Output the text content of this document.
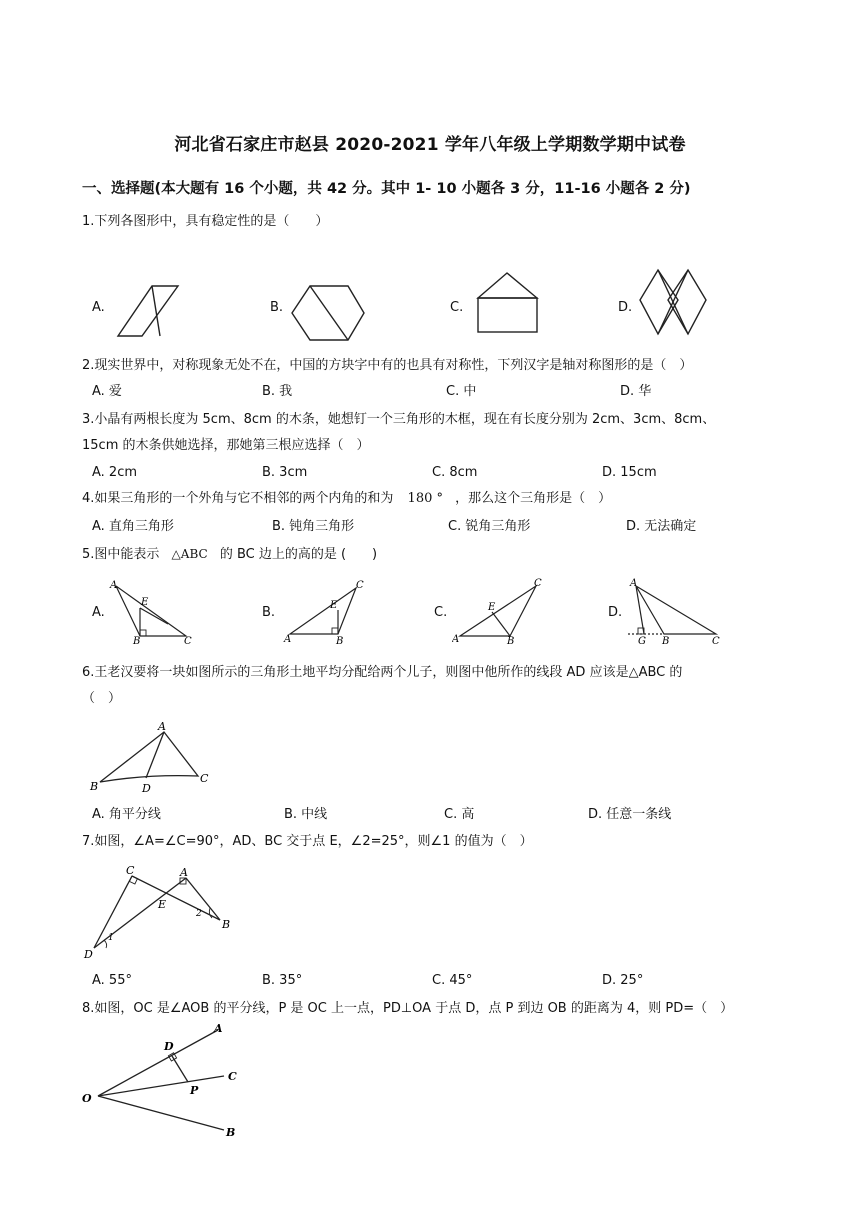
河北省石家庄市赵县 2020-2021 学年八年级上学期数学期中试卷
一、选择题(本大题有 16 个小题，共 42 分。其中 1- 10 小题各 3 分，11-16 小题各 2 分)
1.下列各图形中，具有稳定性的是（　　）
A.	B.	C.	D.
2.现实世界中，对称现象无处不在，中国的方块字中有的也具有对称性，下列汉字是轴对称图形的是（　）
A. 爱	B. 我	C. 中	D. 华
3.小晶有两根长度为 5cm、8cm 的木条，她想钉一个三角形的木框，现在有长度分别为 2cm、3cm、8cm、
15cm 的木条供她选择，那她第三根应选择（　）
A. 2cm	B. 3cm	C. 8cm	D. 15cm
4.如果三角形的一个外角与它不相邻的两个内角的和为 180 ° ，那么这个三角形是（　）
A. 直角三角形	B. 钝角三角形	C. 锐角三角形	D. 无法确定
5.图中能表示 △ABC 的 BC 边上的高的是 (　　)
A.	B.	C.	D.
A
E
B	C	A
E
B
C
A
E
B
C	A
G B	C
6.王老汉要将一块如图所示的三角形土地平均分配给两个儿子，则图中他所作的线段 AD 应该是△ABC 的
（　）
A
B	D
C
A. 角平分线	B. 中线	C. 高	D. 任意一条线
7.如图，∠A=∠C=90°，AD、BC 交于点 E，∠2=25°，则∠1 的值为（　）
C	A
E
B
D
1
2
A. 55°	B. 35°	C. 45°	D. 25°
8.如图，OC 是∠AOB 的平分线，P 是 OC 上一点，PD⊥OA 于点 D，点 P 到边 OB 的距离为 4，则 PD=（　）
O
A
C
B
D
P
